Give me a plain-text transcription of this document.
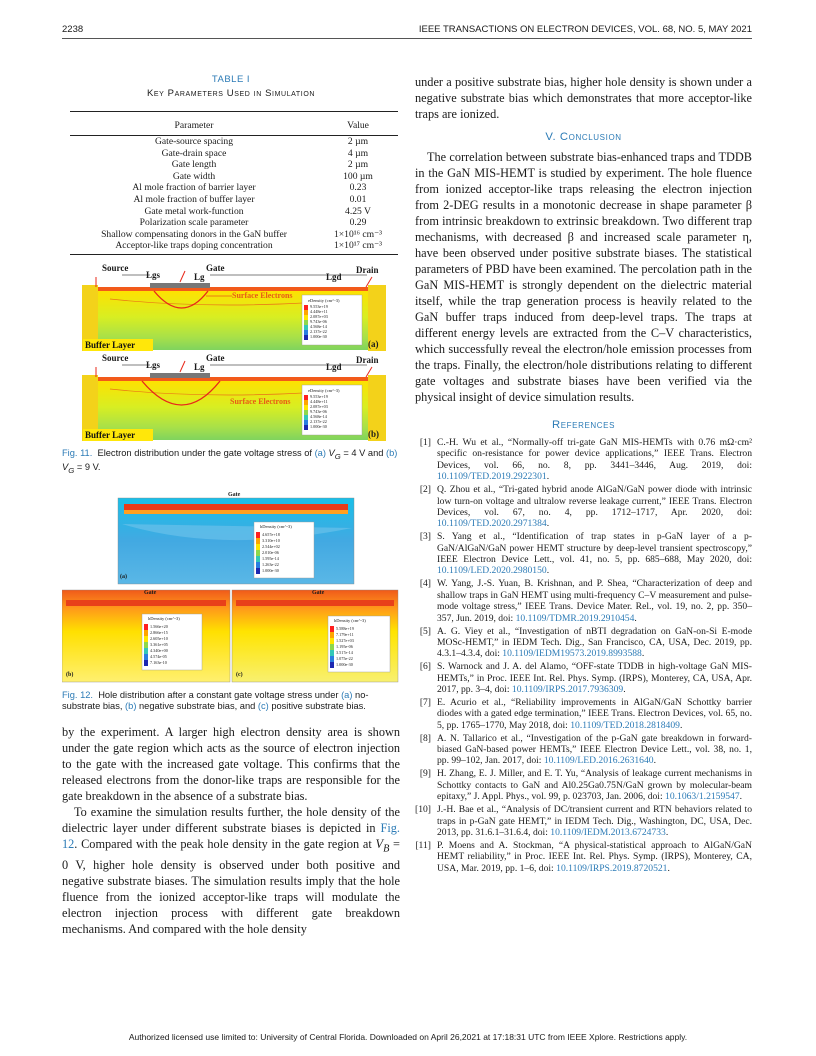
2238	IEEE TRANSACTIONS ON ELECTRON DEVICES, VOL. 68, NO. 5, MAY 2021
TABLE I
Key Parameters Used in Simulation
Parameter	Value
Gate-source spacing	2 µm
Gate-drain space	4 µm
Gate length	2 µm
Gate width	100 µm
Al mole fraction of barrier layer	0.23
Al mole fraction of buffer layer	0.01
Gate metal work-function	4.25 V
Polarization scale parameter	0.29
Shallow compensating donors in the GaN buffer	1×10¹⁶ cm⁻³
Acceptor-like traps doping concentration	1×10¹⁷ cm⁻³
Source	Gate	Drain
Lgs	Lg	Lgd
Surface Electrons
Buffer Layer	(a)
eDensity (cm^-3)
9.553e+19
4.448e+11
2.087e+03
9.743e-06
4.568e-14
2.137e-22
1.000e-30
Source	Gate	Drain
Lgs	Lg	Lgd
Surface Electrons
Buffer Layer	(b)
eDensity (cm^-3)
9.553e+19
4.448e+11
2.087e+03
9.743e-06
4.568e-14
2.137e-22
1.000e-30
Fig. 11. Electron distribution under the gate voltage stress of (a) $V_G = 4$ V and (b) $V_G = 9$ V.
Gate
(a)
hDensity (cm^-3)
4.657e+18
3.310e+10
2.544e+02
2.010e-06
1.595e-14
1.263e-22
1.000e-30
Gate
(b)
hDensity (cm^-3)
1.566e+20
2.866e+15
2.605e+10
3.361e+05
4.340e+00
4.574e-05
7.163e-10
Gate
(c)
hDensity (cm^-3)
5.588e+19
7.179e+11
1.527e+03
1.195e-06
3.517e-14
1.075e-22
1.000e-30
Fig. 12. Hole distribution after a constant gate voltage stress under (a) no-substrate bias, (b) negative substrate bias, and (c) positive substrate bias.

by the experiment. A larger high electron density area is shown under the gate region which acts as the source of electron injection to the gate with the increased gate voltage. This confirms that the released electrons from the donor-like traps are responsible for the gate breakdown in the absence of a substrate bias.

To examine the simulation results further, the hole density of the dielectric layer under different substrate biases is depicted in Fig. 12. Compared with the peak hole density in the gate region at $V_B = 0$ V, higher hole density is observed under both positive and negative substrate biases. The simulation results imply that the hole fluence from the ionized acceptor-like traps will modulate the electron injection process with different gate breakdown mechanisms. And compared with the hole density

under a positive substrate bias, higher hole density is shown under a negative substrate bias which demonstrates that more acceptor-like traps are ionized.

V. Conclusion

The correlation between substrate bias-enhanced traps and TDDB in the GaN MIS-HEMT is studied by experiment. The hole fluence from ionized acceptor-like traps releasing the electron injection from 2-DEG results in a monotonic decrease in shape parameter β from intrinsic breakdown to extrinsic breakdown. Two different trap mechanisms, with decreased β and increased scale parameter η, have been observed under positive substrate biases. The statistical parameters of PBD have been examined. The percolation path in the GaN MIS-HEMT is strongly dependent on the dielectric material itself, while the trap generation process is heavily related to the GaN buffer traps induced from deep-level traps. The traps at different energy levels are extracted from the C–V characteristics, which successfully reveal the electron/hole emission processes from the traps. Finally, the electron/hole distributions relating to different gate voltages and substrate biases have been verified via the physical insight of device simulation results.

References
[1] C.-H. Wu et al., “Normally-off tri-gate GaN MIS-HEMTs with 0.76 mΩ·cm² specific on-resistance for power device applications,” IEEE Trans. Electron Devices, vol. 66, no. 8, pp. 3441–3446, Aug. 2019, doi: 10.1109/TED.2019.2922301.
[2] Q. Zhou et al., “Tri-gated hybrid anode AlGaN/GaN power diode with intrinsic low turn-on voltage and ultralow reverse leakage current,” IEEE Trans. Electron Devices, vol. 67, no. 4, pp. 1712–1717, Apr. 2020, doi: 10.1109/TED.2020.2971384.
[3] S. Yang et al., “Identification of trap states in p-GaN layer of a p-GaN/AlGaN/GaN power HEMT structure by deep-level transient spectroscopy,” IEEE Electron Device Lett., vol. 41, no. 5, pp. 685–688, May 2020, doi: 10.1109/LED.2020.2980150.
[4] W. Yang, J.-S. Yuan, B. Krishnan, and P. Shea, “Characterization of deep and shallow traps in GaN HEMT using multi-frequency C–V measurement and pulse-mode voltage stress,” IEEE Trans. Device Mater. Rel., vol. 19, no. 2, pp. 350–357, Jun. 2019, doi: 10.1109/TDMR.2019.2910454.
[5] A. G. Viey et al., “Investigation of nBTI degradation on GaN-on-Si E-mode MOSc-HEMT,” in IEDM Tech. Dig., San Francisco, CA, USA, Dec. 2019, pp. 4.3.1–4.3.4, doi: 10.1109/IEDM19573.2019.8993588.
[6] S. Warnock and J. A. del Alamo, “OFF-state TDDB in high-voltage GaN MIS-HEMTs,” in Proc. IEEE Int. Rel. Phys. Symp. (IRPS), Monterey, CA, USA, Apr. 2017, pp. 3–4, doi: 10.1109/IRPS.2017.7936309.
[7] E. Acurio et al., “Reliability improvements in AlGaN/GaN Schottky barrier diodes with a gated edge termination,” IEEE Trans. Electron Devices, vol. 65, no. 5, pp. 1765–1770, May 2018, doi: 10.1109/TED.2018.2818409.
[8] A. N. Tallarico et al., “Investigation of the p-GaN gate breakdown in forward-biased GaN-based power HEMTs,” IEEE Electron Device Lett., vol. 38, no. 1, pp. 99–102, Jan. 2017, doi: 10.1109/LED.2016.2631640.
[9] H. Zhang, E. J. Miller, and E. T. Yu, “Analysis of leakage current mechanisms in Schottky contacts to GaN and Al0.25Ga0.75N/GaN grown by molecular-beam epitaxy,” J. Appl. Phys., vol. 99, p. 023703, Jan. 2006, doi: 10.1063/1.2159547.
[10] J.-H. Bae et al., “Analysis of DC/transient current and RTN behaviors related to traps in p-GaN gate HEMT,” in IEDM Tech. Dig., Washington, DC, USA, Dec. 2013, pp. 31.6.1–31.6.4, doi: 10.1109/IEDM.2013.6724733.
[11] P. Moens and A. Stockman, “A physical-statistical approach to AlGaN/GaN HEMT reliability,” in Proc. IEEE Int. Rel. Phys. Symp. (IRPS), Monterey, CA, USA, Mar. 2019, pp. 1–6, doi: 10.1109/IRPS.2019.8720521.
Authorized licensed use limited to: University of Central Florida. Downloaded on April 26,2021 at 17:18:31 UTC from IEEE Xplore. Restrictions apply.
